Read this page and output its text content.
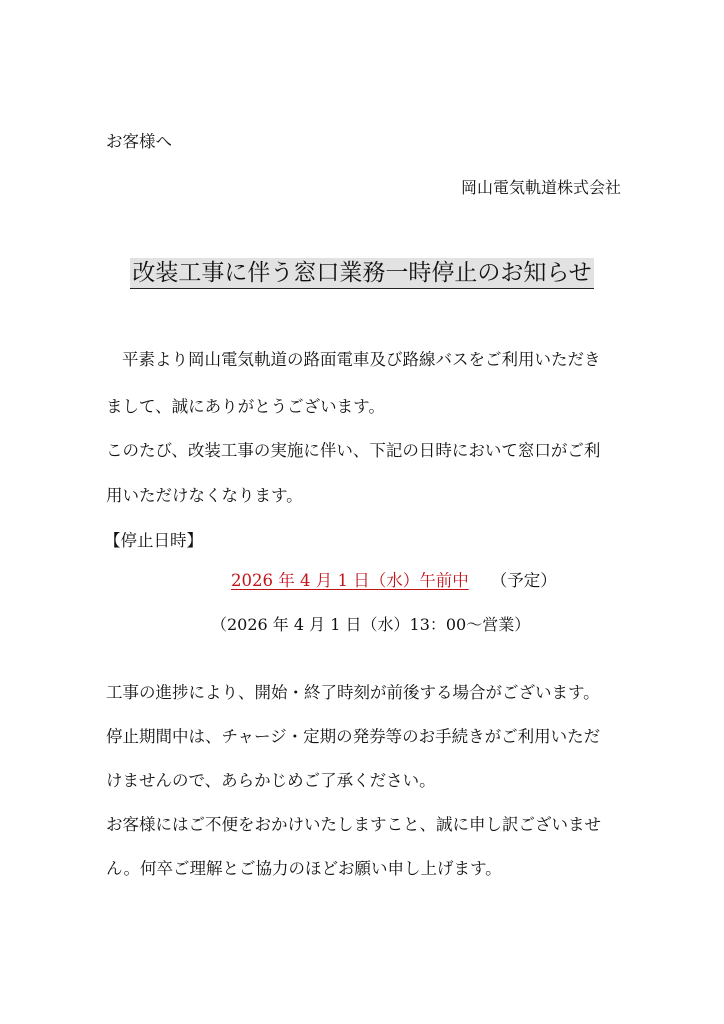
お客様へ
岡山電気軌道株式会社
改装工事に伴う窓口業務一時停止のお知らせ
平素より岡山電気軌道の路面電車及び路線バスをご利用いただき
まして、誠にありがとうございます。
このたび、改装工事の実施に伴い、下記の日時において窓口がご利
用いただけなくなります。
【停止日時】
2026 年 4 月 1 日（水）午前中 （予定）
（2026 年 4 月 1 日（水）13：00～営業）
工事の進捗により、開始・終了時刻が前後する場合がございます。
停止期間中は、チャージ・定期の発券等のお手続きがご利用いただ
けませんので、あらかじめご了承ください。
お客様にはご不便をおかけいたしますこと、誠に申し訳ございませ
ん。何卒ご理解とご協力のほどお願い申し上げます。
